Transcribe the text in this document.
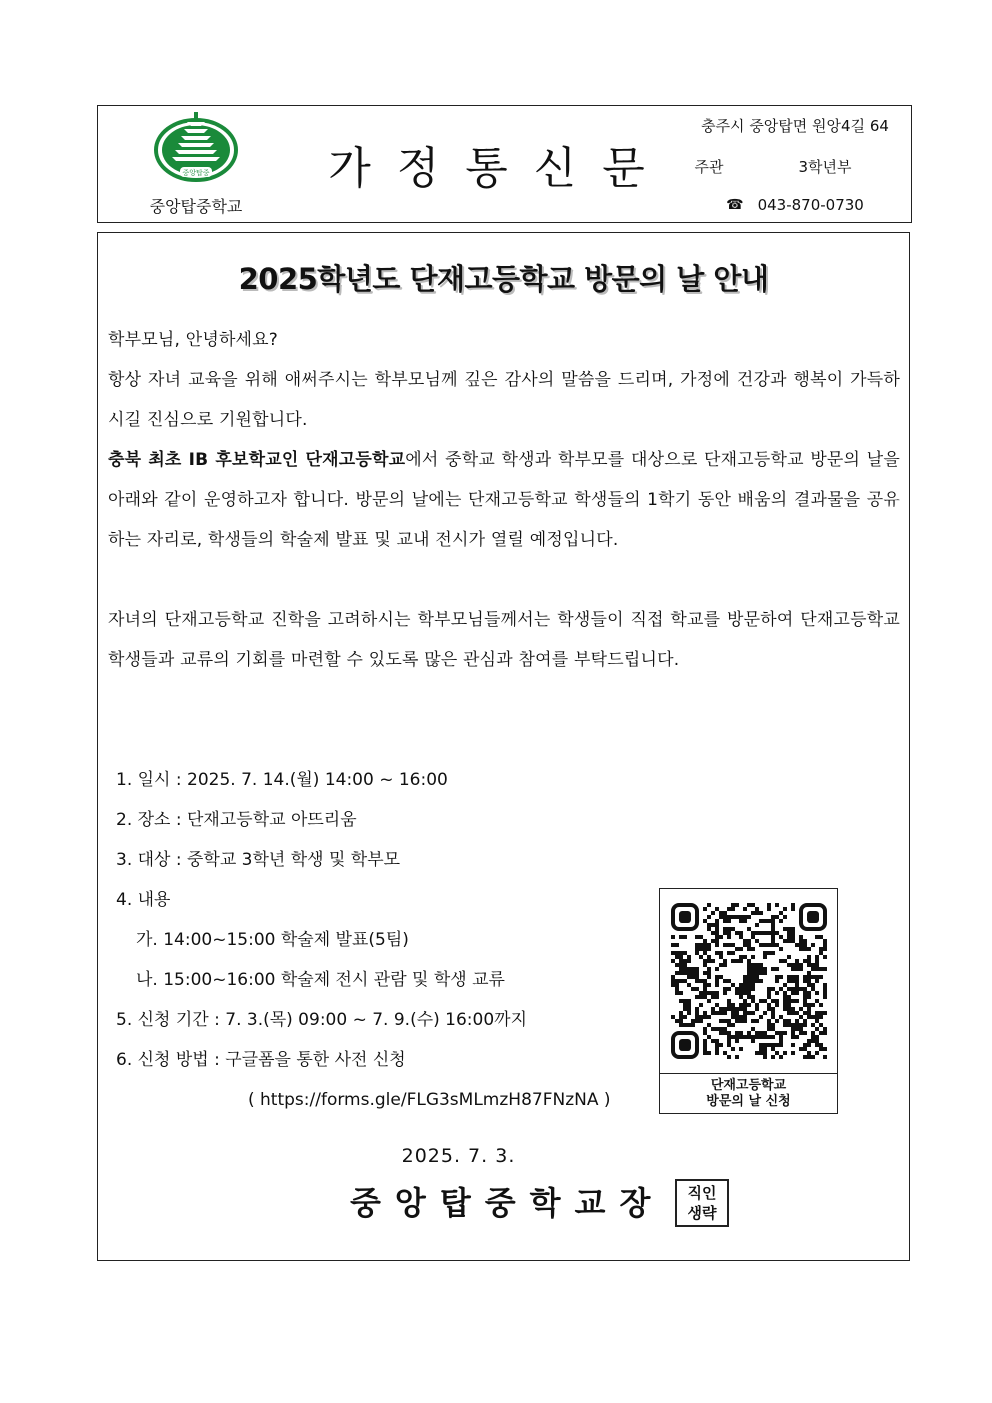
중앙탑중
중앙탑중학교
가정통신문
충주시 중앙탑면 원앙4길 64
주관	3학년부
☎ 043-870-0730
2025학년도 단재고등학교 방문의 날 안내
학부모님, 안녕하세요?
항상 자녀 교육을 위해 애써주시는 학부모님께 깊은 감사의 말씀을 드리며, 가정에 건강과 행복이 가득하시길 진심으로 기원합니다.
충북 최초 IB 후보학교인 단재고등학교에서 중학교 학생과 학부모를 대상으로 단재고등학교 방문의 날을 아래와 같이 운영하고자 합니다. 방문의 날에는 단재고등학교 학생들의 1학기 동안 배움의 결과물을 공유하는 자리로, 학생들의 학술제 발표 및 교내 전시가 열릴 예정입니다.
자녀의 단재고등학교 진학을 고려하시는 학부모님들께서는 학생들이 직접 학교를 방문하여 단재고등학교 학생들과 교류의 기회를 마련할 수 있도록 많은 관심과 참여를 부탁드립니다.
1. 일시 : 2025. 7. 14.(월) 14:00 ~ 16:00
2. 장소 : 단재고등학교 아뜨리움
3. 대상 : 중학교 3학년 학생 및 학부모
4. 내용
가. 14:00~15:00 학술제 발표(5팀)
나. 15:00~16:00 학술제 전시 관람 및 학생 교류
5. 신청 기간 : 7. 3.(목) 09:00 ~ 7. 9.(수) 16:00까지
6. 신청 방법 : 구글폼을 통한 사전 신청
( https://forms.gle/FLG3sMLmzH87FNzNA )
단재고등학교
방문의 날 신청
2025. 7. 3.
중앙탑중학교장	직인
생략
